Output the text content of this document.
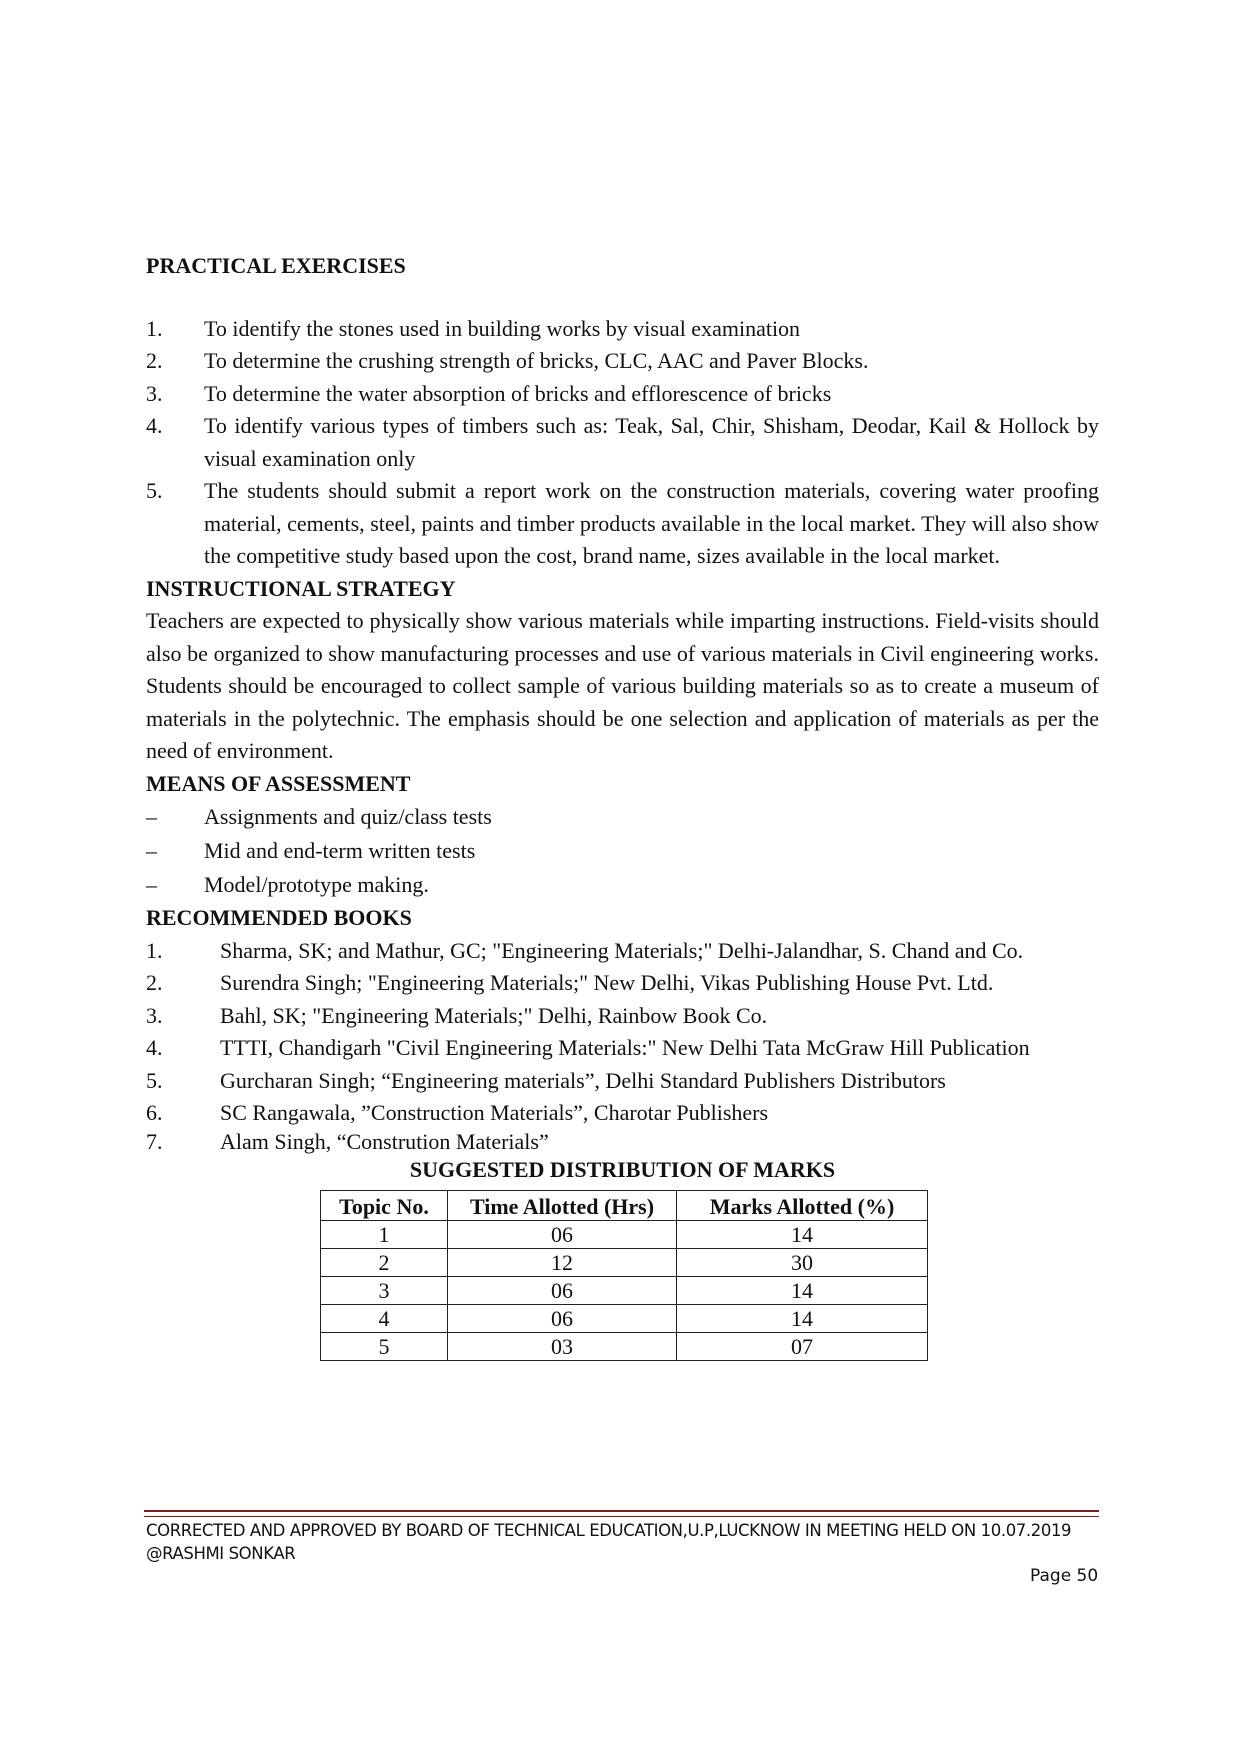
PRACTICAL EXERCISES
1.	To identify the stones used in building works by visual examination
2.	To determine the crushing strength of bricks, CLC, AAC and Paver Blocks.
3.	To determine the water absorption of bricks and efflorescence of bricks
4.	To identify various types of timbers such as: Teak, Sal, Chir, Shisham, Deodar, Kail & Hollock by visual examination only
5.	The students should submit a report work on the construction materials, covering water proofing material, cements, steel, paints and timber products available in the local market. They will also show the competitive study based upon the cost, brand name, sizes available in the local market.
INSTRUCTIONAL STRATEGY

Teachers are expected to physically show various materials while imparting instructions. Field-visits should also be organized to show manufacturing processes and use of various materials in Civil engineering works. Students should be encouraged to collect sample of various building materials so as to create a museum of materials in the polytechnic. The emphasis should be one selection and application of materials as per the need of environment.

MEANS OF ASSESSMENT
–	Assignments and quiz/class tests
–	Mid and end-term written tests
–	Model/prototype making.
RECOMMENDED BOOKS
1.	Sharma, SK; and Mathur, GC; "Engineering Materials;" Delhi-Jalandhar, S. Chand and Co.
2.	Surendra Singh; "Engineering Materials;" New Delhi, Vikas Publishing House Pvt. Ltd.
3.	Bahl, SK; "Engineering Materials;" Delhi, Rainbow Book Co.
4.	TTTI, Chandigarh "Civil Engineering Materials:" New Delhi Tata McGraw Hill Publication
5.	Gurcharan Singh; “Engineering materials”, Delhi Standard Publishers Distributors
6.	SC Rangawala, ”Construction Materials”, Charotar Publishers
7.	Alam Singh, “Constrution Materials”

SUGGESTED DISTRIBUTION OF MARKS

Topic No.	Time Allotted (Hrs)	Marks Allotted (%)
1	06	14
2	12	30
3	06	14
4	06	14
5	03	07
CORRECTED AND APPROVED BY BOARD OF TECHNICAL EDUCATION,U.P,LUCKNOW IN MEETING HELD ON 10.07.2019 @RASHMI SONKAR
Page 50
